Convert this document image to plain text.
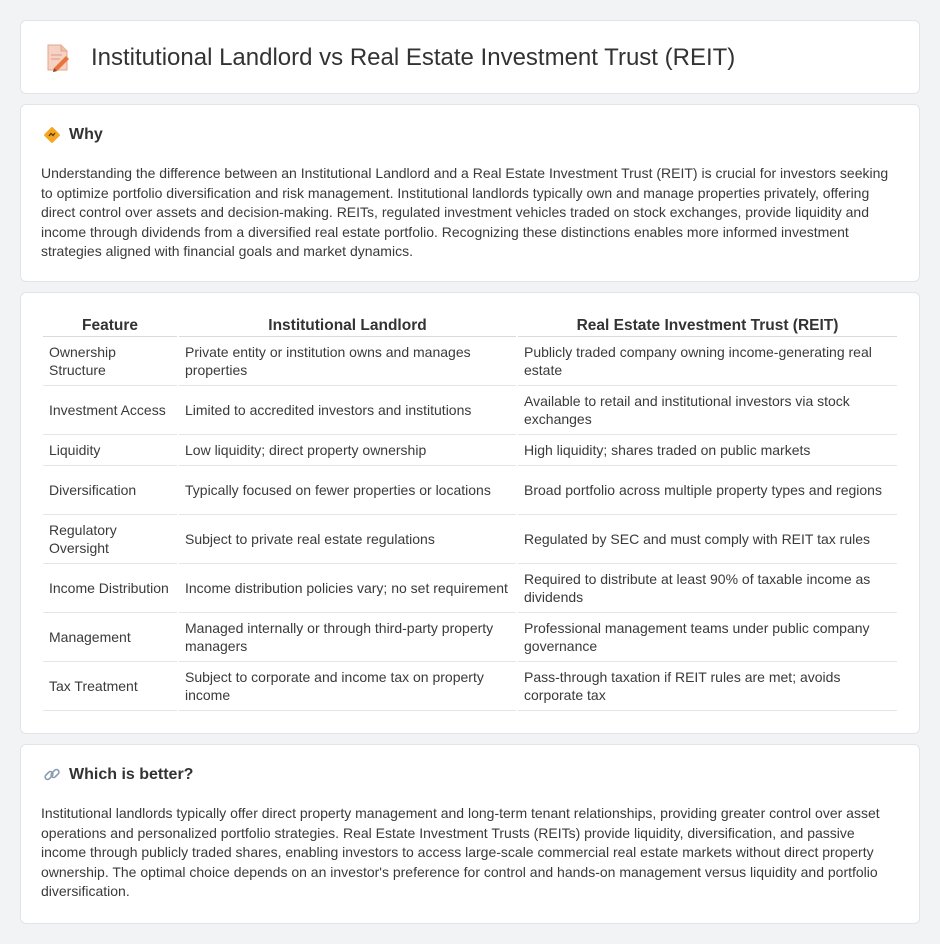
Institutional Landlord vs Real Estate Investment Trust (REIT)
Why

Understanding the difference between an Institutional Landlord and a Real Estate Investment Trust (REIT) is crucial for investors seeking to optimize portfolio diversification and risk management. Institutional landlords typically own and manage properties privately, offering direct control over assets and decision-making. REITs, regulated investment vehicles traded on stock exchanges, provide liquidity and income through dividends from a diversified real estate portfolio. Recognizing these distinctions enables more informed investment strategies aligned with financial goals and market dynamics.

Feature	Institutional Landlord	Real Estate Investment Trust (REIT)
Ownership Structure	Private entity or institution owns and manages properties	Publicly traded company owning income-generating real estate
Investment Access	Limited to accredited investors and institutions	Available to retail and institutional investors via stock exchanges
Liquidity	Low liquidity; direct property ownership	High liquidity; shares traded on public markets
Diversification	Typically focused on fewer properties or locations	Broad portfolio across multiple property types and regions
Regulatory Oversight	Subject to private real estate regulations	Regulated by SEC and must comply with REIT tax rules
Income Distribution	Income distribution policies vary; no set requirement	Required to distribute at least 90% of taxable income as dividends
Management	Managed internally or through third-party property managers	Professional management teams under public company governance
Tax Treatment	Subject to corporate and income tax on property income	Pass-through taxation if REIT rules are met; avoids corporate tax
Which is better?

Institutional landlords typically offer direct property management and long-term tenant relationships, providing greater control over asset operations and personalized portfolio strategies. Real Estate Investment Trusts (REITs) provide liquidity, diversification, and passive income through publicly traded shares, enabling investors to access large-scale commercial real estate markets without direct property ownership. The optimal choice depends on an investor's preference for control and hands-on management versus liquidity and portfolio diversification.
